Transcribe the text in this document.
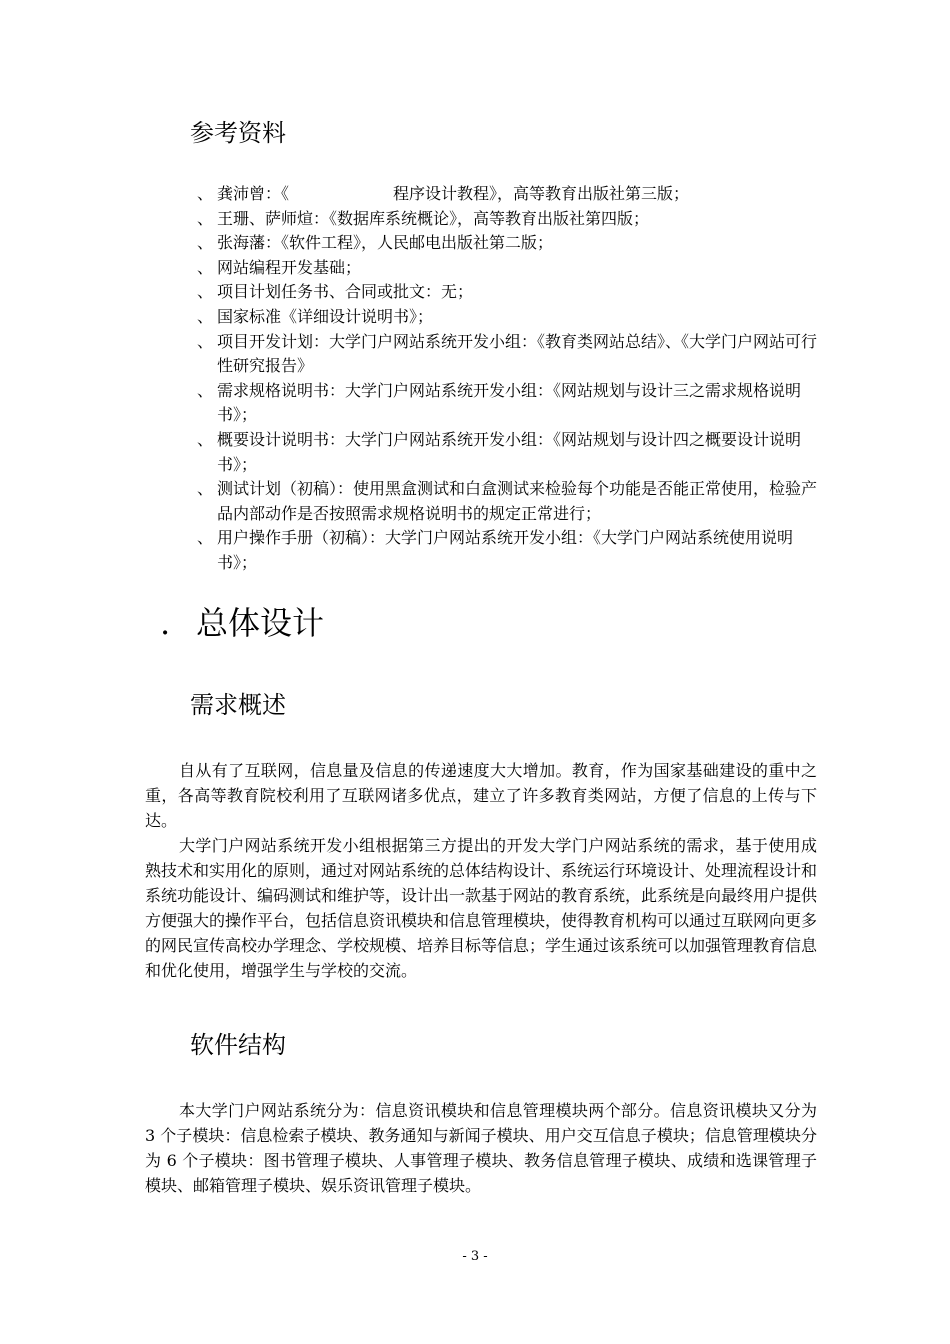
参考资料
、 龚沛曾：《	程序设计教程》，高等教育出版社第三版；
、 王珊、萨师煊：《数据库系统概论》，高等教育出版社第四版；
、 张海藩：《软件工程》，人民邮电出版社第二版；
、 网站编程开发基础；
、 项目计划任务书、合同或批文：无；
、 国家标准《详细设计说明书》；
、 项目开发计划：大学门户网站系统开发小组：《教育类网站总结》、《大学门户网站可行性研究报告》
、 需求规格说明书：大学门户网站系统开发小组：《网站规划与设计三之需求规格说明书》；
、 概要设计说明书：大学门户网站系统开发小组：《网站规划与设计四之概要设计说明书》；
、 测试计划（初稿）：使用黑盒测试和白盒测试来检验每个功能是否能正常使用，检验产品内部动作是否按照需求规格说明书的规定正常进行；
、 用户操作手册（初稿）：大学门户网站系统开发小组：《大学门户网站系统使用说明书》；
. 总体设计
需求概述

自从有了互联网，信息量及信息的传递速度大大增加。教育，作为国家基础建设的重中之重，各高等教育院校利用了互联网诸多优点，建立了许多教育类网站，方便了信息的上传与下达。

大学门户网站系统开发小组根据第三方提出的开发大学门户网站系统的需求，基于使用成熟技术和实用化的原则，通过对网站系统的总体结构设计、系统运行环境设计、处理流程设计和系统功能设计、编码测试和维护等，设计出一款基于网站的教育系统，此系统是向最终用户提供方便强大的操作平台，包括信息资讯模块和信息管理模块，使得教育机构可以通过互联网向更多的网民宣传高校办学理念、学校规模、培养目标等信息；学生通过该系统可以加强管理教育信息和优化使用，增强学生与学校的交流。

软件结构

本大学门户网站系统分为：信息资讯模块和信息管理模块两个部分。信息资讯模块又分为 3 个子模块：信息检索子模块、教务通知与新闻子模块、用户交互信息子模块；信息管理模块分为 6 个子模块：图书管理子模块、人事管理子模块、教务信息管理子模块、成绩和选课管理子模块、邮箱管理子模块、娱乐资讯管理子模块。

- 3 -
